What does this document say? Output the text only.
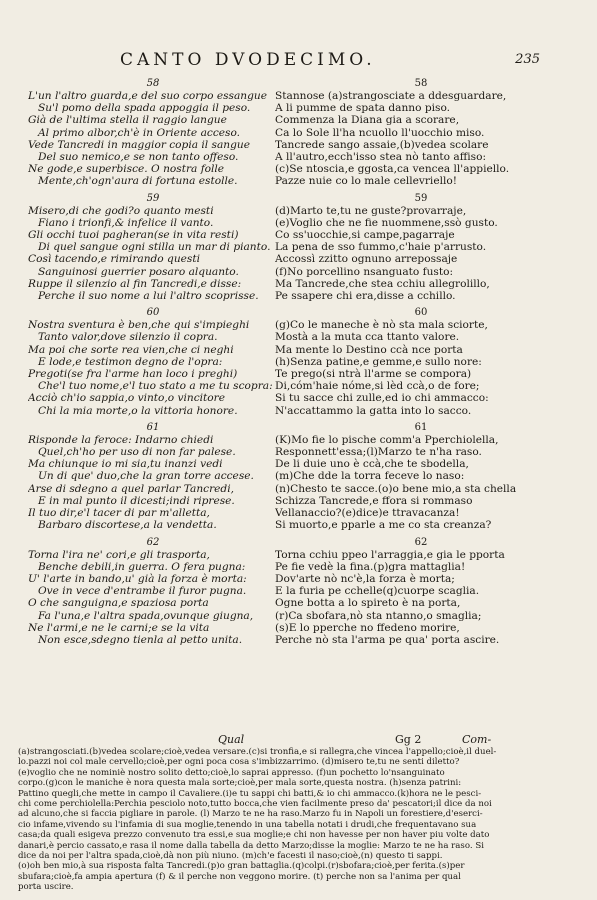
CANTO DVODECIMO.	235
58
L'un l'altro guarda,e del suo corpo essangue
Su'l pomo della spada appoggia il peso.
Già de l'ultima stella il raggio langue
Al primo albor,ch'è in Oriente acceso.
Vede Tancredi in maggior copia il sangue
Del suo nemico,e se non tanto offeso.
Ne gode,e superbisce. O nostra folle
Mente,ch'ogn'aura di fortuna estolle.
59
Misero,di che godi?o quanto mesti
Fiano i trionfi,& infelice il vanto.
Gli occhi tuoi pagheran(se in vita resti)
Di quel sangue ogni stilla un mar di pianto.
Così tacendo,e rimirando questi
Sanguinosi guerrier posaro alquanto.
Ruppe il silenzio al fin Tancredi,e disse:
Perche il suo nome a lui l'altro scoprisse.
60
Nostra sventura è ben,che qui s'impieghi
Tanto valor,dove silenzio il copra.
Ma poi che sorte rea vien,che ci neghi
E lode,e testimon degno de l'opra:
Pregoti(se fra l'arme han loco i preghi)
Che'l tuo nome,e'l tuo stato a me tu scopra:
Acciò ch'io sappia,o vinto,o vincitore
Chi la mia morte,o la vittoria honore.
61
Risponde la feroce: Indarno chiedi
Quel,ch'ho per uso di non far palese.
Ma chiunque io mi sia,tu inanzi vedi
Un di que' duo,che la gran torre accese.
Arse di sdegno a quel parlar Tancredi,
E in mal punto il dicesti;indi riprese.
Il tuo dir,e'l tacer di par m'alletta,
Barbaro discortese,a la vendetta.
62
Torna l'ira ne' cori,e gli trasporta,
Benche debili,in guerra. O fera pugna:
U' l'arte in bando,u' già la forza è morta:
Ove in vece d'entrambe il furor pugna.
O che sanguigna,e spaziosa porta
Fa l'una,e l'altra spada,ovunque giugna,
Ne l'armi,e ne le carni;e se la vita
Non esce,sdegno tienla al petto unita.
58
Stannose (a)strangosciate a ddesguardare,
A li pumme de spata danno piso.
Commenza la Diana gia a scorare,
Ca lo Sole ll'ha ncuollo ll'uocchio miso.
Tancrede sango assaie,(b)vedea scolare
A ll'autro,ecch'isso stea nò tanto affiso:
(c)Se ntoscia,e ggosta,ca vencea ll'appiello.
Pazze nuie co lo male cellevriello!
59
(d)Marto te,tu ne guste?provarraje,
(e)Voglio che ne fie nuommene,ssò gusto.
Co ss'uocchie,si campe,pagarraje
La pena de sso fummo,c'haie p'arrusto.
Accossì zzitto ognuno arrepossaje
(f)No porcellino nsanguato fusto:
Ma Tancrede,che stea cchiu allegrolillo,
Pe ssapere chi era,disse a cchillo.
60
(g)Co le maneche è nò sta mala sciorte,
Mostà a la muta cca ttanto valore.
Ma mente lo Destino ccà nce porta
(h)Senza patine,e gemme,e sullo nore:
Te prego(si ntrà ll'arme se compora)
Di,cóm'haie nóme,si lèd ccà,o de fore;
Si tu sacce chi zulle,ed io chi ammacco:
N'accattammo la gatta into lo sacco.
61
(K)Mo fie lo pische comm'a Pperchiolella,
Responnett'essa;(l)Marzo te n'ha raso.
De li duie uno è ccà,che te sbodella,
(m)Che dde la torra feceve lo naso:
(n)Chesto te sacce.(o)o bene mio,a sta chella
Schizza Tancrede,e ffora si rommaso
Vellanaccio?(e)dice)e ttravacanza!
Si muorto,e pparle a me co sta creanza?
62
Torna cchiu ppeo l'arraggia,e gia le pporta
Pe fie vedè la fina.(p)gra mattaglia!
Dov'arte nò nc'è,la forza è morta;
E la furia pe cchelle(q)cuorpe scaglia.
Ogne botta a lo spireto è na porta,
(r)Ca sbofara,nò sta ntanno,o smaglia;
(s)E lo pperche no ffedeno morire,
Perche nò sta l'arma pe qua' porta ascire.
Qual	Gg 2	Com-
(a)strangosciati.(b)vedea scolare;cioè,vedea versare.(c)si tronfia,e si rallegra,che vincea l'appello;cioè,il duel-
lo.pazzi noi col male cervello;cioè,per ogni poca cosa s'imbizzarrimo. (d)misero te,tu ne senti diletto?
(e)voglio che ne nominiè nostro solito detto;cioè,lo saprai appresso. (f)un pochetto lo'nsanguinato
corpo.(g)con le maniche è nora questa mala sorte;cioè,per mala sorte,questa nostra. (h)senza patrini:
Pattino quegli,che mette in campo il Cavaliere.(i)e tu sappi chi batti,& io chi ammacco.(k)hora ne le pesci-
chi come perchiolella:Perchia pesciolo noto,tutto bocca,che vien facilmente preso da' pescatori;il dice da noi
ad alcuno,che si faccia pigliare in parole. (l) Marzo te ne ha raso.Marzo fu in Napoli un forestiere,d'eserci-
cio infame,vivendo su l'infamia di sua moglie,tenendo in una tabella notati i drudi,che frequentavano sua
casa;da quali esigeva prezzo convenuto tra essi,e sua moglie;e chi non havesse per non haver piu volte dato
danari,è percio cassato,e rasa il nome dalla tabella da detto Marzo;disse la moglie: Marzo te ne ha raso. Si
dice da noi per l'altra spada,cioè,dà non più niuno. (m)ch'e facesti il naso;cioè,(n) questo ti sappi.
(o)oh ben mio,à sua risposta falta Tancredi.(p)o gran battaglia.(q)colpi.(r)sbofara;cioè,per ferita.(s)per
sbufara;cioè,fa ampia apertura (f) & il perche non veggono morire. (t) perche non sa l'anima per qual
porta uscire.
